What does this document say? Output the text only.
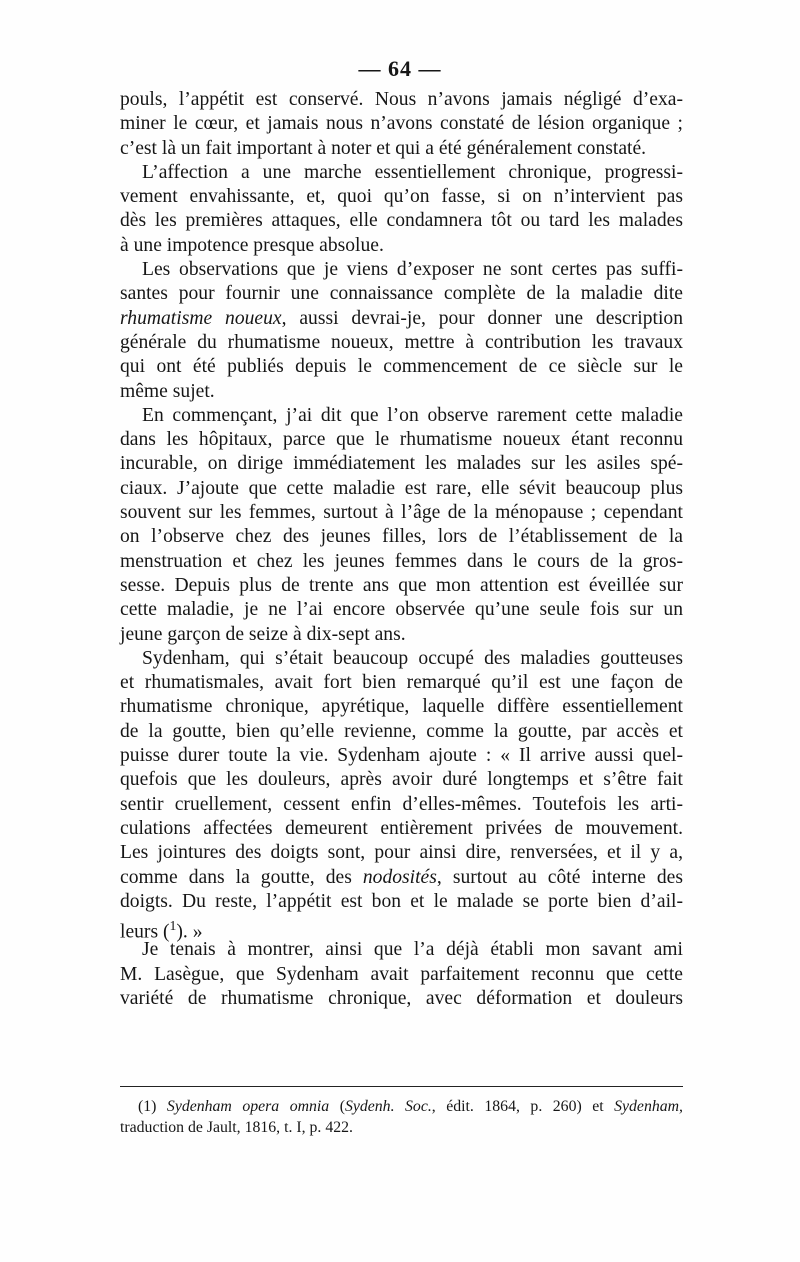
— 64 —
pouls, l’appétit est conservé. Nous n’avons jamais négligé d’exa-
miner le cœur, et jamais nous n’avons constaté de lésion organique ;
c’est là un fait important à noter et qui a été généralement constaté.
L’affection a une marche essentiellement chronique, progressi-
vement envahissante, et, quoi qu’on fasse, si on n’intervient pas
dès les premières attaques, elle condamnera tôt ou tard les malades
à une impotence presque absolue.
Les observations que je viens d’exposer ne sont certes pas suffi-
santes pour fournir une connaissance complète de la maladie dite
rhumatisme noueux, aussi devrai-je, pour donner une description
générale du rhumatisme noueux, mettre à contribution les travaux
qui ont été publiés depuis le commencement de ce siècle sur le
même sujet.
En commençant, j’ai dit que l’on observe rarement cette maladie
dans les hôpitaux, parce que le rhumatisme noueux étant reconnu
incurable, on dirige immédiatement les malades sur les asiles spé-
ciaux. J’ajoute que cette maladie est rare, elle sévit beaucoup plus
souvent sur les femmes, surtout à l’âge de la ménopause ; cependant
on l’observe chez des jeunes filles, lors de l’établissement de la
menstruation et chez les jeunes femmes dans le cours de la gros-
sesse. Depuis plus de trente ans que mon attention est éveillée sur
cette maladie, je ne l’ai encore observée qu’une seule fois sur un
jeune garçon de seize à dix-sept ans.
Sydenham, qui s’était beaucoup occupé des maladies goutteuses
et rhumatismales, avait fort bien remarqué qu’il est une façon de
rhumatisme chronique, apyrétique, laquelle diffère essentiellement
de la goutte, bien qu’elle revienne, comme la goutte, par accès et
puisse durer toute la vie. Sydenham ajoute : « Il arrive aussi quel-
quefois que les douleurs, après avoir duré longtemps et s’être fait
sentir cruellement, cessent enfin d’elles-mêmes. Toutefois les arti-
culations affectées demeurent entièrement privées de mouvement.
Les jointures des doigts sont, pour ainsi dire, renversées, et il y a,
comme dans la goutte, des nodosités, surtout au côté interne des
doigts. Du reste, l’appétit est bon et le malade se porte bien d’ail-
leurs ($^1$). »
Je tenais à montrer, ainsi que l’a déjà établi mon savant ami
M. Lasègue, que Sydenham avait parfaitement reconnu que cette
variété de rhumatisme chronique, avec déformation et douleurs
(1) Sydenham opera omnia (Sydenh. Soc., édit. 1864, p. 260) et Sydenham,
traduction de Jault, 1816, t. I, p. 422.
